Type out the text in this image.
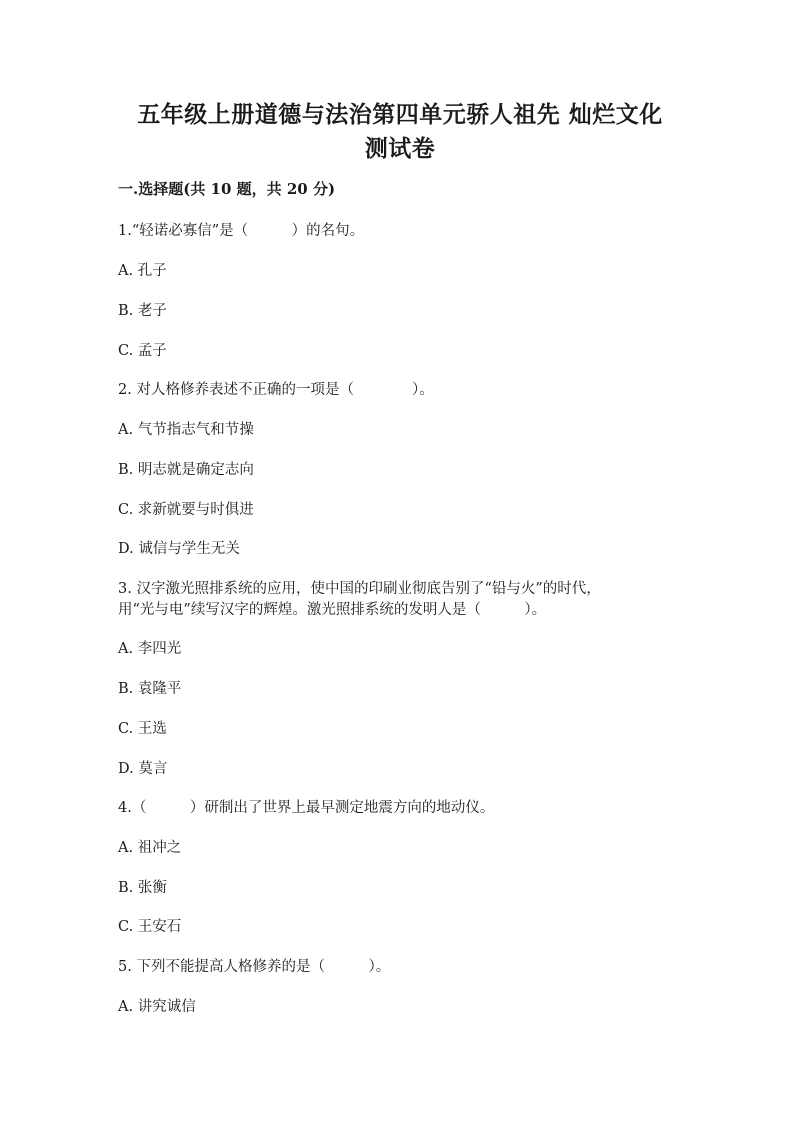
五年级上册道德与法治第四单元骄人祖先 灿烂文化
测试卷
一.选择题(共 10 题，共 20 分)
1.“轻诺必寡信”是（　　　）的名句。
A. 孔子
B. 老子
C. 孟子
2. 对人格修养表述不正确的一项是（　　　　）。
A. 气节指志气和节操
B. 明志就是确定志向
C. 求新就要与时俱进
D. 诚信与学生无关
3. 汉字激光照排系统的应用，使中国的印刷业彻底告别了“铅与火”的时代，
用“光与电”续写汉字的辉煌。激光照排系统的发明人是（　　　）。
A. 李四光
B. 袁隆平
C. 王选
D. 莫言
4.（　　　）研制出了世界上最早测定地震方向的地动仪。
A. 祖冲之
B. 张衡
C. 王安石
5. 下列不能提高人格修养的是（　　　）。
A. 讲究诚信
